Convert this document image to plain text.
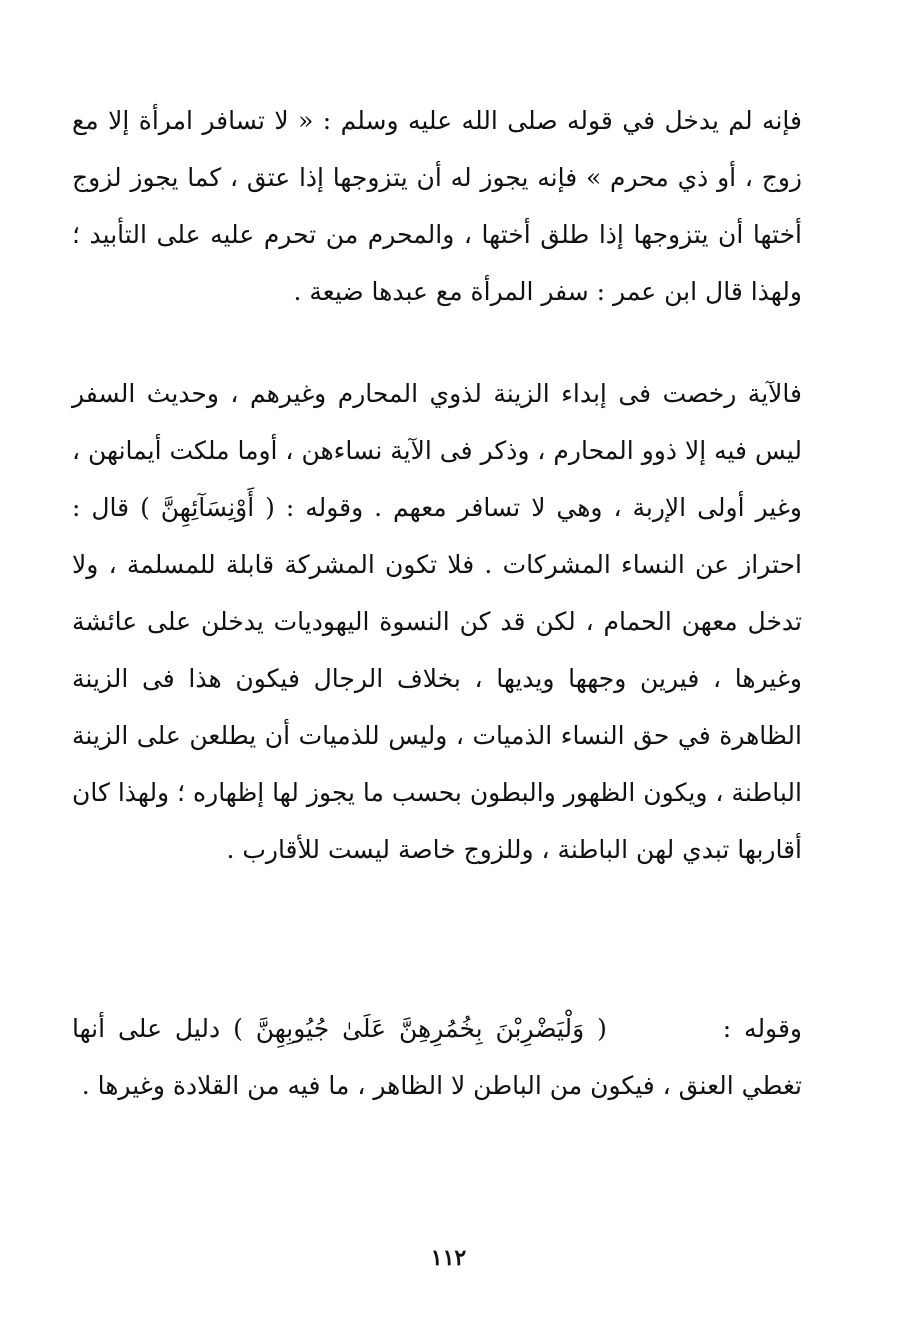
فإنه لم يدخل في قوله صلى الله عليه وسلم : « لا تسافر امرأة إلا مع زوج ، أو ذي محرم » فإنه يجوز له أن يتزوجها إذا عتق ، كما يجوز لزوج أختها أن يتزوجها إذا طلق أختها ، والمحرم من تحرم عليه على التأبيد ؛ ولهذا قال ابن عمر : سفر المرأة مع عبدها ضيعة .

فالآية رخصت فى إبداء الزينة لذوي المحارم وغيرهم ، وحديث السفر ليس فيه إلا ذوو المحارم ، وذكر فى الآية نساءهن ، أوما ملكت أيمانهن ، وغير أولى الإربة ، وهي لا تسافر معهم . وقوله : ( أَوْنِسَآئِهِنَّ ) قال : احتراز عن النساء المشركات . فلا تكون المشركة قابلة للمسلمة ، ولا تدخل معهن الحمام ، لكن قد كن النسوة اليهوديات يدخلن على عائشة وغيرها ، فيرين وجهها ويديها ، بخلاف الرجال فيكون هذا فى الزينة الظاهرة في حق النساء الذميات ، وليس للذميات أن يطلعن على الزينة الباطنة ، ويكون الظهور والبطون بحسب ما يجوز لها إظهاره ؛ ولهذا كان أقاربها تبدي لهن الباطنة ، وللزوج خاصة ليست للأقارب .

وقوله :  ( وَلْيَضْرِبْنَ بِخُمُرِهِنَّ عَلَىٰ جُيُوبِهِنَّ ) دليل على أنها تغطي العنق ، فيكون من الباطن لا الظاهر ، ما فيه من القلادة وغيرها .

١١٢
